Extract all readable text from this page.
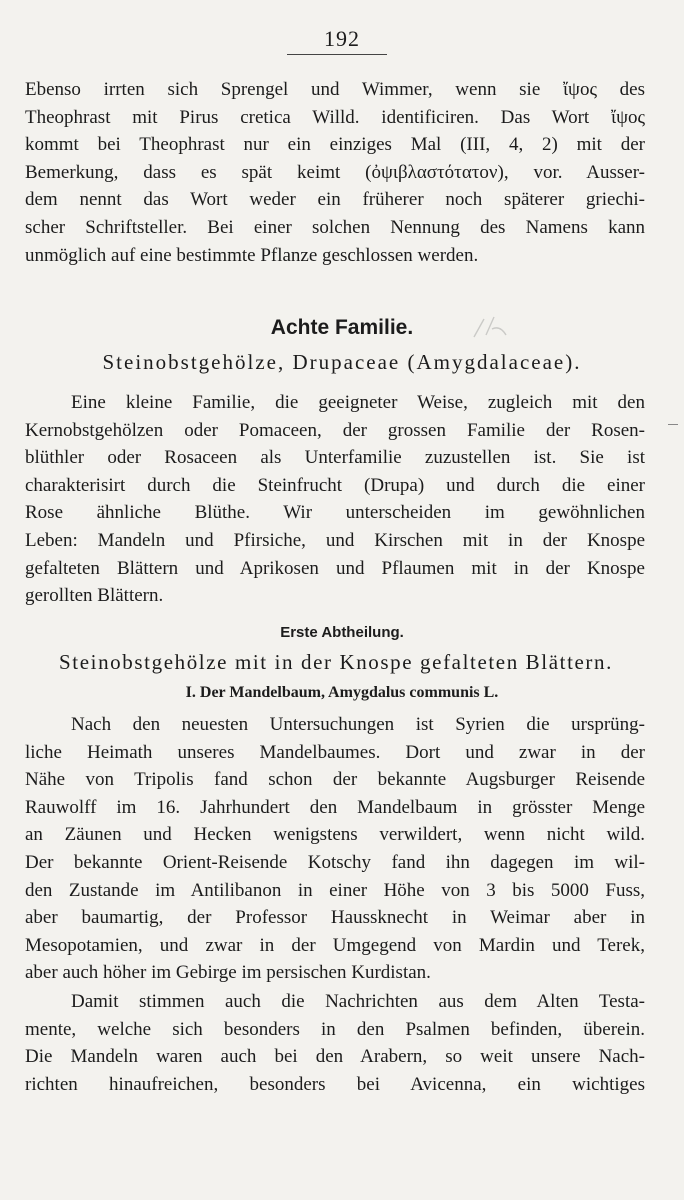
192
Ebenso irrten sich Sprengel und Wimmer, wenn sie ἴψος des
Theophrast mit Pirus cretica Willd. identificiren. Das Wort ἴψος
kommt bei Theophrast nur ein einziges Mal (III, 4, 2) mit der
Bemerkung, dass es spät keimt (ὀψιβλαστότατον), vor. Ausser-
dem nennt das Wort weder ein früherer noch späterer griechi-
scher Schriftsteller. Bei einer solchen Nennung des Namens kann
unmöglich auf eine bestimmte Pflanze geschlossen werden.
Achte Familie.
Steinobstgehölze, Drupaceae (Amygdalaceae).
Eine kleine Familie, die geeigneter Weise, zugleich mit den
Kernobstgehölzen oder Pomaceen, der grossen Familie der Rosen-
blüthler oder Rosaceen als Unterfamilie zuzustellen ist. Sie ist
charakterisirt durch die Steinfrucht (Drupa) und durch die einer
Rose ähnliche Blüthe. Wir unterscheiden im gewöhnlichen
Leben: Mandeln und Pfirsiche, und Kirschen mit in der Knospe
gefalteten Blättern und Aprikosen und Pflaumen mit in der Knospe
gerollten Blättern.
Erste Abtheilung.
Steinobstgehölze mit in der Knospe gefalteten Blättern.
I. Der Mandelbaum, Amygdalus communis L.
Nach den neuesten Untersuchungen ist Syrien die ursprüng-
liche Heimath unseres Mandelbaumes. Dort und zwar in der
Nähe von Tripolis fand schon der bekannte Augsburger Reisende
Rauwolff im 16. Jahrhundert den Mandelbaum in grösster Menge
an Zäunen und Hecken wenigstens verwildert, wenn nicht wild.
Der bekannte Orient-Reisende Kotschy fand ihn dagegen im wil-
den Zustande im Antilibanon in einer Höhe von 3 bis 5000 Fuss,
aber baumartig, der Professor Haussknecht in Weimar aber in
Mesopotamien, und zwar in der Umgegend von Mardin und Terek,
aber auch höher im Gebirge im persischen Kurdistan.
Damit stimmen auch die Nachrichten aus dem Alten Testa-
mente, welche sich besonders in den Psalmen befinden, überein.
Die Mandeln waren auch bei den Arabern, so weit unsere Nach-
richten hinaufreichen, besonders bei Avicenna, ein wichtiges
